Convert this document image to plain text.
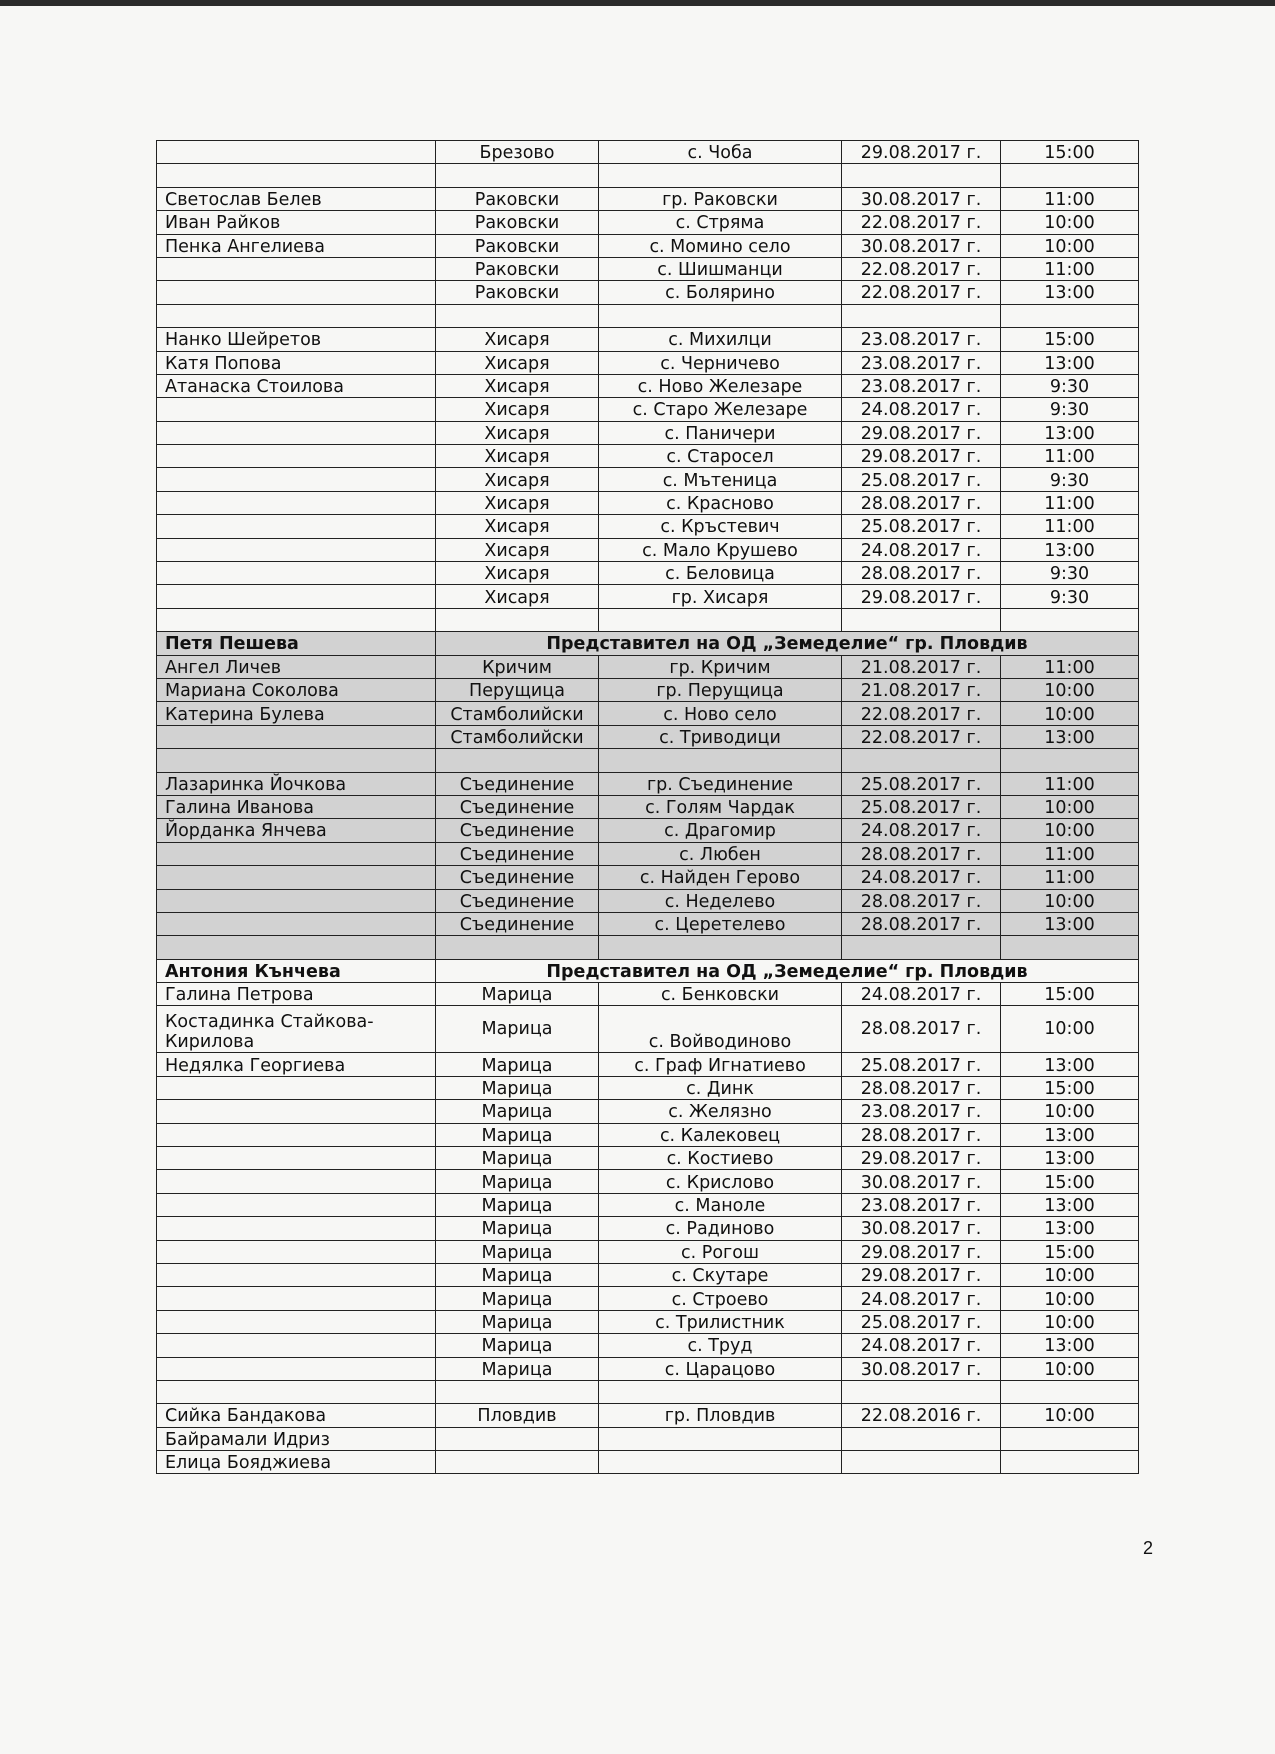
	Брезово	с. Чоба	29.08.2017 г.	15:00

Светослав Белев	Раковски	гр. Раковски	30.08.2017 г.	11:00
Иван Райков	Раковски	с. Стряма	22.08.2017 г.	10:00
Пенка Ангелиева	Раковски	с. Момино село	30.08.2017 г.	10:00
	Раковски	с. Шишманци	22.08.2017 г.	11:00
	Раковски	с. Болярино	22.08.2017 г.	13:00

Нанко Шейретов	Хисаря	с. Михилци	23.08.2017 г.	15:00
Катя Попова	Хисаря	с. Черничево	23.08.2017 г.	13:00
Атанаска Стоилова	Хисаря	с. Ново Железаре	23.08.2017 г.	9:30
	Хисаря	с. Старо Железаре	24.08.2017 г.	9:30
	Хисаря	с. Паничери	29.08.2017 г.	13:00
	Хисаря	с. Старосел	29.08.2017 г.	11:00
	Хисаря	с. Мътеница	25.08.2017 г.	9:30
	Хисаря	с. Красново	28.08.2017 г.	11:00
	Хисаря	с. Кръстевич	25.08.2017 г.	11:00
	Хисаря	с. Мало Крушево	24.08.2017 г.	13:00
	Хисаря	с. Беловица	28.08.2017 г.	9:30
	Хисаря	гр. Хисаря	29.08.2017 г.	9:30

Петя Пешева	Представител на ОД „Земеделие“ гр. Пловдив			
Ангел Личев	Кричим	гр. Кричим	21.08.2017 г.	11:00
Мариана Соколова	Перущица	гр. Перущица	21.08.2017 г.	10:00
Катерина Булева	Стамболийски	с. Ново село	22.08.2017 г.	10:00
	Стамболийски	с. Триводици	22.08.2017 г.	13:00

Лазаринка Йочкова	Съединение	гр. Съединение	25.08.2017 г.	11:00
Галина Иванова	Съединение	с. Голям Чардак	25.08.2017 г.	10:00
Йорданка Янчева	Съединение	с. Драгомир	24.08.2017 г.	10:00
	Съединение	с. Любен	28.08.2017 г.	11:00
	Съединение	с. Найден Герово	24.08.2017 г.	11:00
	Съединение	с. Неделево	28.08.2017 г.	10:00
	Съединение	с. Церетелево	28.08.2017 г.	13:00

Антония Кънчева	Представител на ОД „Земеделие“ гр. Пловдив			
Галина Петрова	Марица	с. Бенковски	24.08.2017 г.	15:00
Костадинка Стайкова-Кирилова	Марица	с. Войводиново	28.08.2017 г.	10:00
Недялка Георгиева	Марица	с. Граф Игнатиево	25.08.2017 г.	13:00
	Марица	с. Динк	28.08.2017 г.	15:00
	Марица	с. Желязно	23.08.2017 г.	10:00
	Марица	с. Калековец	28.08.2017 г.	13:00
	Марица	с. Костиево	29.08.2017 г.	13:00
	Марица	с. Крислово	30.08.2017 г.	15:00
	Марица	с. Маноле	23.08.2017 г.	13:00
	Марица	с. Радиново	30.08.2017 г.	13:00
	Марица	с. Рогош	29.08.2017 г.	15:00
	Марица	с. Скутаре	29.08.2017 г.	10:00
	Марица	с. Строево	24.08.2017 г.	10:00
	Марица	с. Трилистник	25.08.2017 г.	10:00
	Марица	с. Труд	24.08.2017 г.	13:00
	Марица	с. Царацово	30.08.2017 г.	10:00

Сийка Бандакова	Пловдив	гр. Пловдив	22.08.2016 г.	10:00
Байрамали Идриз				
Елица Бояджиева				
2
